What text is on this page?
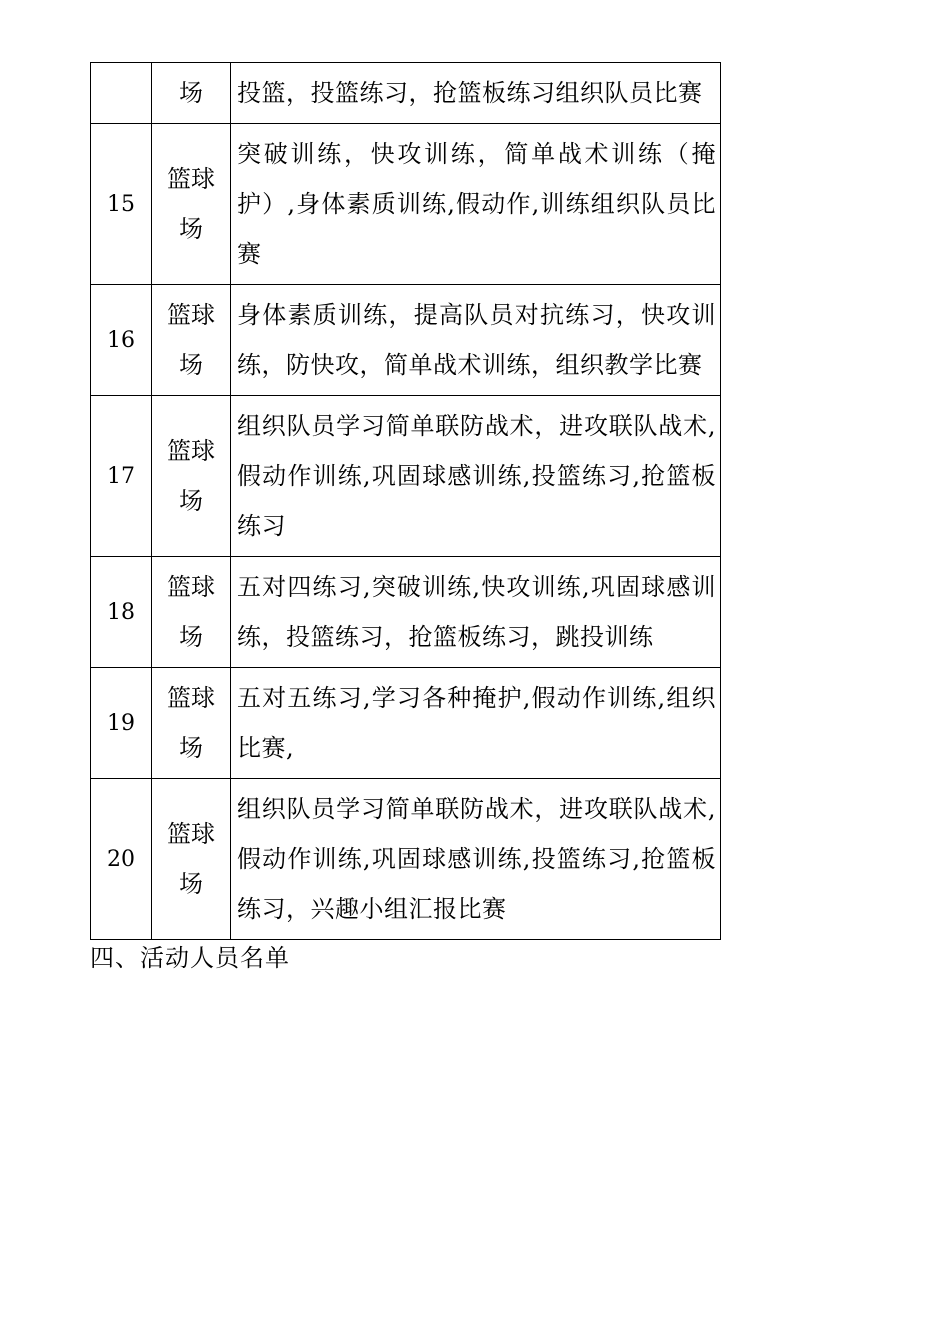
	场	投篮，投篮练习，抢篮板练习组织队员比赛
15	篮球场	突破训练，快攻训练，简单战术训练（掩护）,身体素质训练,假动作,训练组织队员比赛
16	篮球场	身体素质训练，提高队员对抗练习，快攻训练，防快攻，简单战术训练，组织教学比赛
17	篮球场	组织队员学习简单联防战术，进攻联队战术,假动作训练,巩固球感训练,投篮练习,抢篮板练习
18	篮球场	五对四练习,突破训练,快攻训练,巩固球感训练，投篮练习，抢篮板练习，跳投训练
19	篮球场	五对五练习,学习各种掩护,假动作训练,组织比赛,
20	篮球场	组织队员学习简单联防战术，进攻联队战术,假动作训练,巩固球感训练,投篮练习,抢篮板练习，兴趣小组汇报比赛

四、活动人员名单
